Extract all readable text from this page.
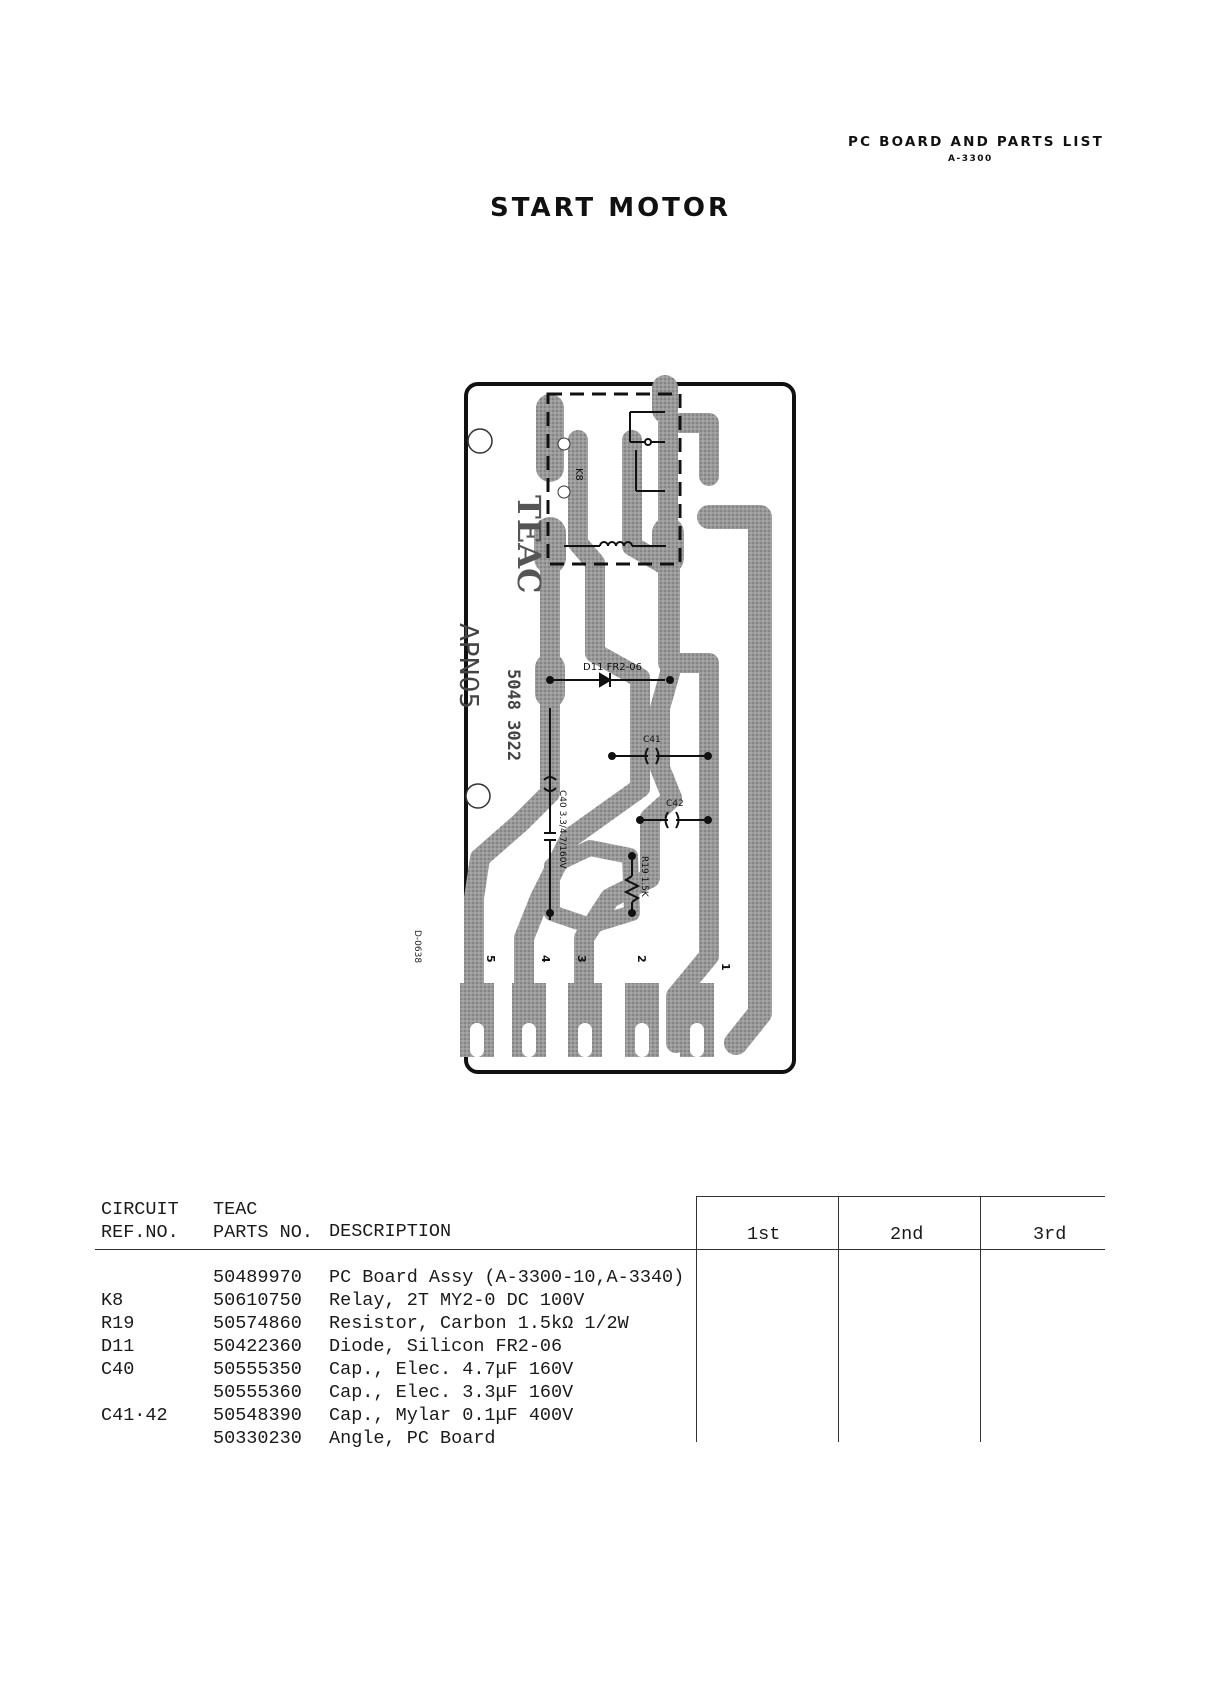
PC BOARD AND PARTS LIST
A-3300
START MOTOR
K8
TEAC
5048 3022
APN05
D-0638
D11 FR2-06
C41
C42
C40 3.3/4.7/160V
R19 1.5K
1
2
3
4
5
CIRCUIT
REF.NO.
TEAC
PARTS NO. DESCRIPTION	1st	2nd	3rd
50489970 PC Board Assy (A-3300-10,A-3340)
K8	50610750 Relay, 2T MY2-0 DC 100V
R19	50574860 Resistor, Carbon 1.5kΩ 1/2W
D11	50422360 Diode, Silicon FR2-06
C40	50555350 Cap., Elec. 4.7μF 160V
50555360 Cap., Elec. 3.3μF 160V
C41·42 50548390 Cap., Mylar 0.1μF 400V
50330230 Angle, PC Board
